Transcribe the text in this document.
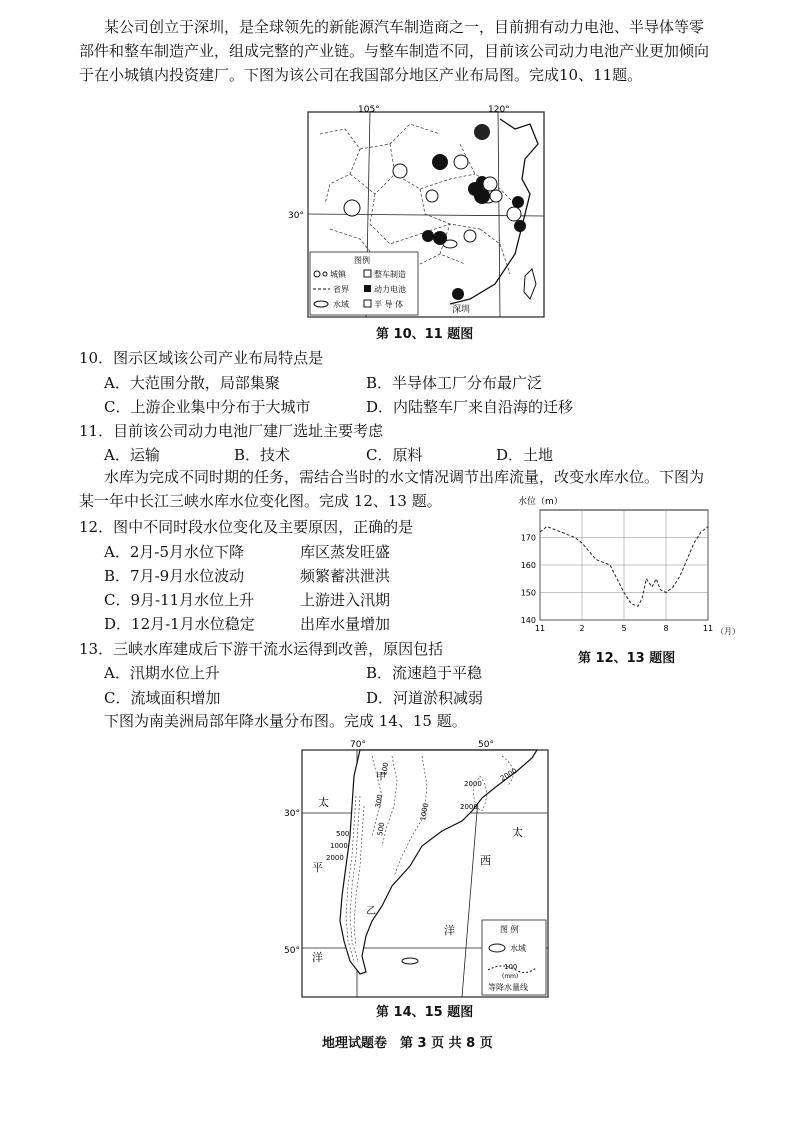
某公司创立于深圳，是全球领先的新能源汽车制造商之一，目前拥有动力电池、半导体等零
部件和整车制造产业，组成完整的产业链。与整车制造不同，目前该公司动力电池产业更加倾向
于在小城镇内投资建厂。下图为该公司在我国部分地区产业布局图。完成10、11题。
105°	120°
30°
深圳
图例
城镇	整车制造
省界	动力电池
水域	半 导 体
第 10、11 题图
10．图示区域该公司产业布局特点是
A．大范围分散，局部集聚	B．半导体工厂分布最广泛
C．上游企业集中分布于大城市	D．内陆整车厂来自沿海的迁移
11．目前该公司动力电池厂建厂选址主要考虑
A．运输	B．技术	C．原料	D．土地
水库为完成不同时期的任务，需结合当时的水文情况调节出库流量，改变水库水位。下图为
某一年中长江三峡水库水位变化图。完成 12、13 题。
12．图中不同时段水位变化及主要原因，正确的是
A．2月-5月水位下降	库区蒸发旺盛
B．7月-9月水位波动	频繁蓄洪泄洪
C．9月-11月水位上升	上游进入汛期
D．12月-1月水位稳定	出库水量增加
水位（m）
140
150
160
170
11	2	5	8	11 （月）
第 12、13 题图
13．三峡水库建成后下游干流水运得到改善，原因包括
A．汛期水位上升	B．流速趋于平稳
C．流域面积增加	D．河道淤积减弱
下图为南美洲局部年降水量分布图。完成 14、15 题。
70°	50°
30°
50°
太
平
洋
太
西
洋
甲
乙
100
300
500
1000
2000
2000
500
1000
2000
2000
图 例
水域
100
(mm)
等降水量线
第 14、15 题图
地理试题卷　第 3 页 共 8 页
